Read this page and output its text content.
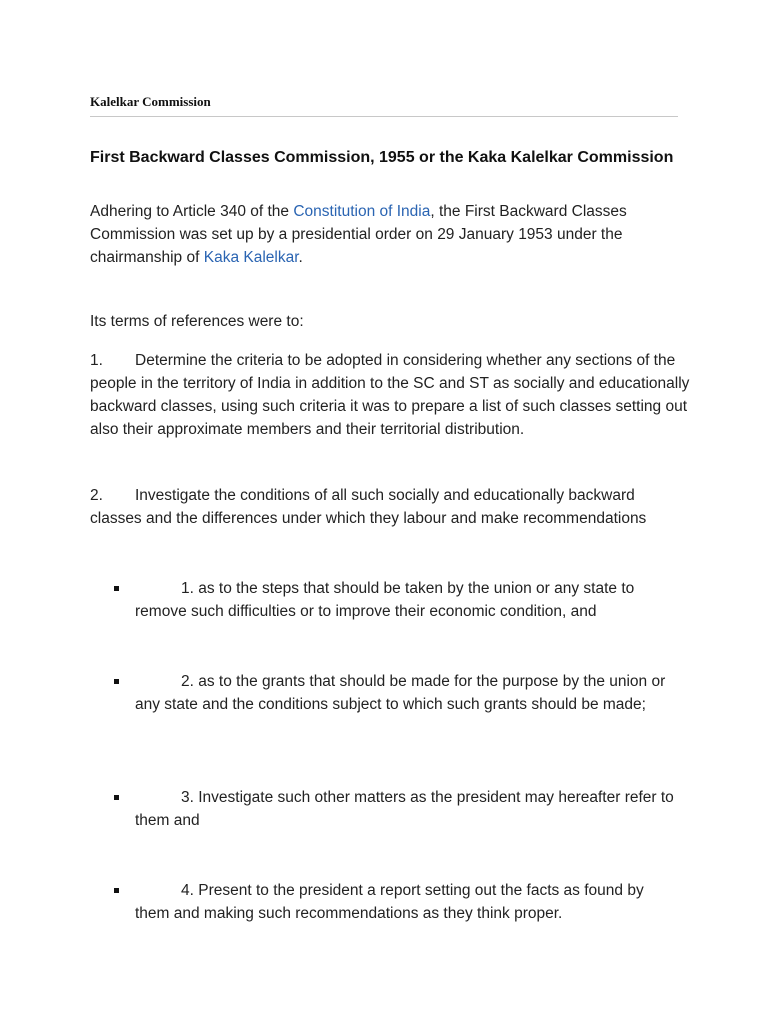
Kalelkar Commission
First Backward Classes Commission, 1955 or the Kaka Kalelkar Commission
Adhering to Article 340 of the Constitution of India, the First Backward Classes Commission was set up by a presidential order on 29 January 1953 under the chairmanship of Kaka Kalelkar.
Its terms of references were to:
1. Determine the criteria to be adopted in considering whether any sections of the people in the territory of India in addition to the SC and ST as socially and educationally backward classes, using such criteria it was to prepare a list of such classes setting out also their approximate members and their territorial distribution.
2. Investigate the conditions of all such socially and educationally backward classes and the differences under which they labour and make recommendations
1. as to the steps that should be taken by the union or any state to remove such difficulties or to improve their economic condition, and
2. as to the grants that should be made for the purpose by the union or any state and the conditions subject to which such grants should be made;
3. Investigate such other matters as the president may hereafter refer to them and
4. Present to the president a report setting out the facts as found by them and making such recommendations as they think proper.
